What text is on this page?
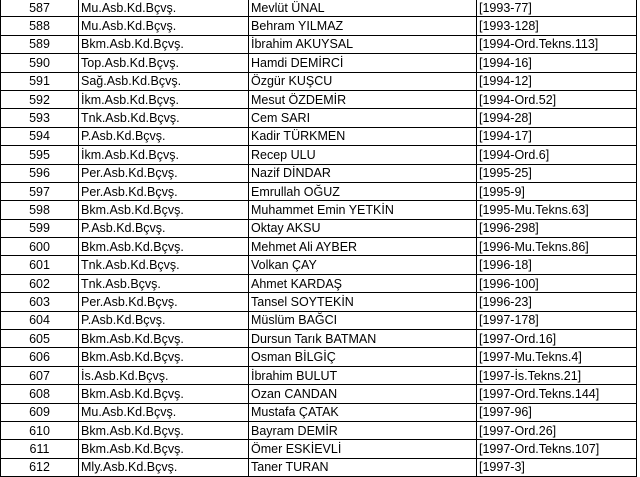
587	Mu.Asb.Kd.Bçvş.	Mevlüt ÜNAL	[1993-77]
588	Mu.Asb.Kd.Bçvş.	Behram YILMAZ	[1993-128]
589	Bkm.Asb.Kd.Bçvş.	İbrahim AKUYSAL	[1994-Ord.Tekns.113]
590	Top.Asb.Kd.Bçvş.	Hamdi DEMİRCİ	[1994-16]
591	Sağ.Asb.Kd.Bçvş.	Özgür KUŞCU	[1994-12]
592	İkm.Asb.Kd.Bçvş.	Mesut ÖZDEMİR	[1994-Ord.52]
593	Tnk.Asb.Kd.Bçvş.	Cem SARI	[1994-28]
594	P.Asb.Kd.Bçvş.	Kadir TÜRKMEN	[1994-17]
595	İkm.Asb.Kd.Bçvş.	Recep ULU	[1994-Ord.6]
596	Per.Asb.Kd.Bçvş.	Nazif DİNDAR	[1995-25]
597	Per.Asb.Kd.Bçvş.	Emrullah OĞUZ	[1995-9]
598	Bkm.Asb.Kd.Bçvş.	Muhammet Emin YETKİN	[1995-Mu.Tekns.63]
599	P.Asb.Kd.Bçvş.	Oktay AKSU	[1996-298]
600	Bkm.Asb.Kd.Bçvş.	Mehmet Ali AYBER	[1996-Mu.Tekns.86]
601	Tnk.Asb.Kd.Bçvş.	Volkan ÇAY	[1996-18]
602	Tnk.Asb.Bçvş.	Ahmet KARDAŞ	[1996-100]
603	Per.Asb.Kd.Bçvş.	Tansel SOYTEKİN	[1996-23]
604	P.Asb.Kd.Bçvş.	Müslüm BAĞCI	[1997-178]
605	Bkm.Asb.Kd.Bçvş.	Dursun Tarık BATMAN	[1997-Ord.16]
606	Bkm.Asb.Kd.Bçvş.	Osman BİLGİÇ	[1997-Mu.Tekns.4]
607	İs.Asb.Kd.Bçvş.	İbrahim BULUT	[1997-İs.Tekns.21]
608	Bkm.Asb.Kd.Bçvş.	Ozan CANDAN	[1997-Ord.Tekns.144]
609	Mu.Asb.Kd.Bçvş.	Mustafa ÇATAK	[1997-96]
610	Bkm.Asb.Kd.Bçvş.	Bayram DEMİR	[1997-Ord.26]
611	Bkm.Asb.Kd.Bçvş.	Ömer ESKİEVLİ	[1997-Ord.Tekns.107]
612	Mly.Asb.Kd.Bçvş.	Taner TURAN	[1997-3]
